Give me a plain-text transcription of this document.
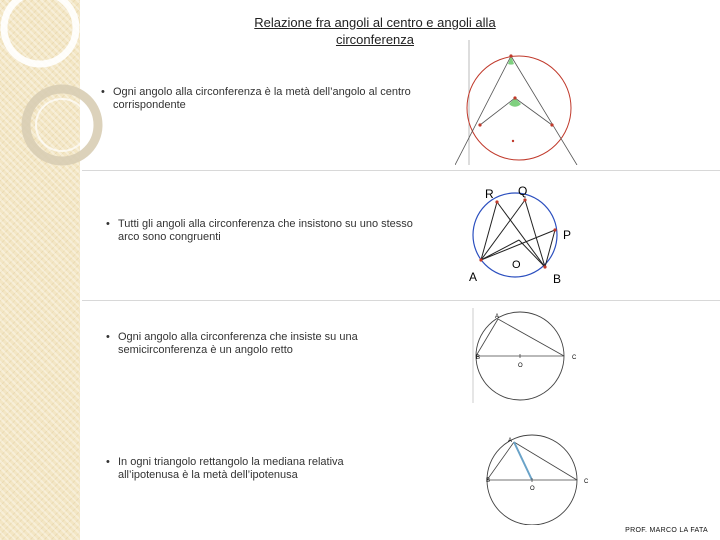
Relazione fra angoli al centro e angoli alla circonferenza
• Ogni angolo alla circonferenza è la metà dell’angolo al centro corrispondente
• Tutti gli angoli alla circonferenza che insistono su uno stesso arco sono congruenti
R Q
P
A
O
B
• Ogni angolo alla circonferenza che insiste su una semicirconferenza è un angolo retto
A
B
O
C
• In ogni triangolo rettangolo la mediana relativa all’ipotenusa è la metà dell’ipotenusa
A
B
O
C
PROF. MARCO LA FATA
